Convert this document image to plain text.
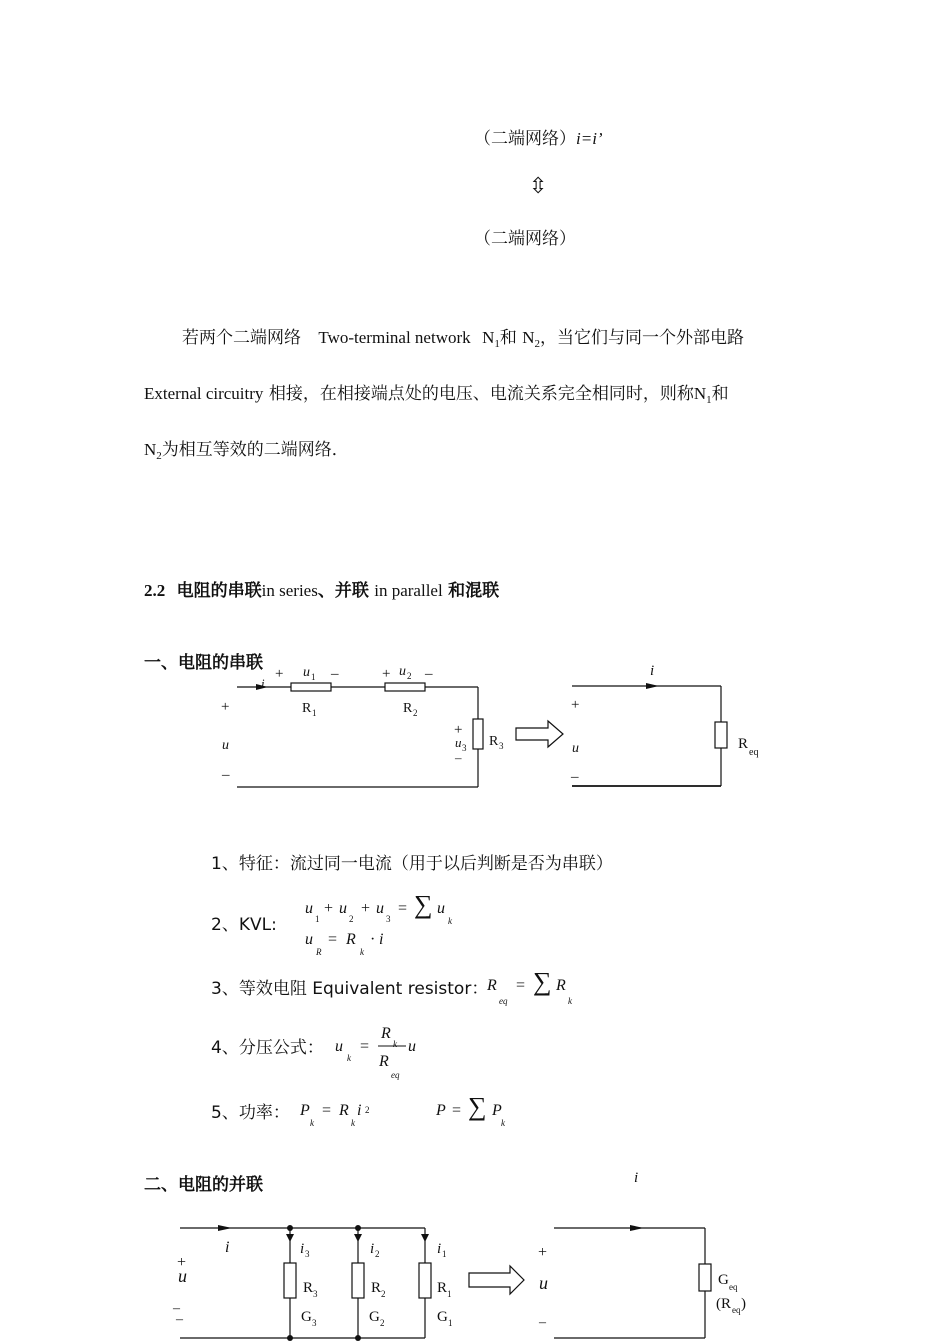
（二端网络）i=i’
⇳
（二端网络）
若两个二端网络 Two-terminal network $N_1$和 $N_2$，当它们与同一个外部电路
External circuitry 相接，在相接端点处的电压、电流关系完全相同时，则称$N_1$和
$N_2$为相互等效的二端网络．
2.2 电阻的串联in series、并联 in parallel 和混联
一、电阻的串联
i
+ u 1 –	+ u 2 –
R 1	R 2
+
u
–
+
u 3
–
R 3
i
+
u
–
R
eq
1、特征：流过同一电流（用于以后判断是否为串联）
2、KVL:
u
1
+ u
2
+ u
3
= ∑ u
k
u
R
= R
k
· i
3、等效电阻 Equivalent resistor：
R
eq
= ∑ R
k
4、分压公式： u
k
=
R
k
R
eq
u
5、功率： P
k
= R
k
i 2	P = ∑ P
k
二、电阻的并联	i
i
+
u
–
–
i 3
R 3
G 3
i 2
R 2
G 2
i 1
R 1
G 1
+
u
–
G eq
(R eq )
